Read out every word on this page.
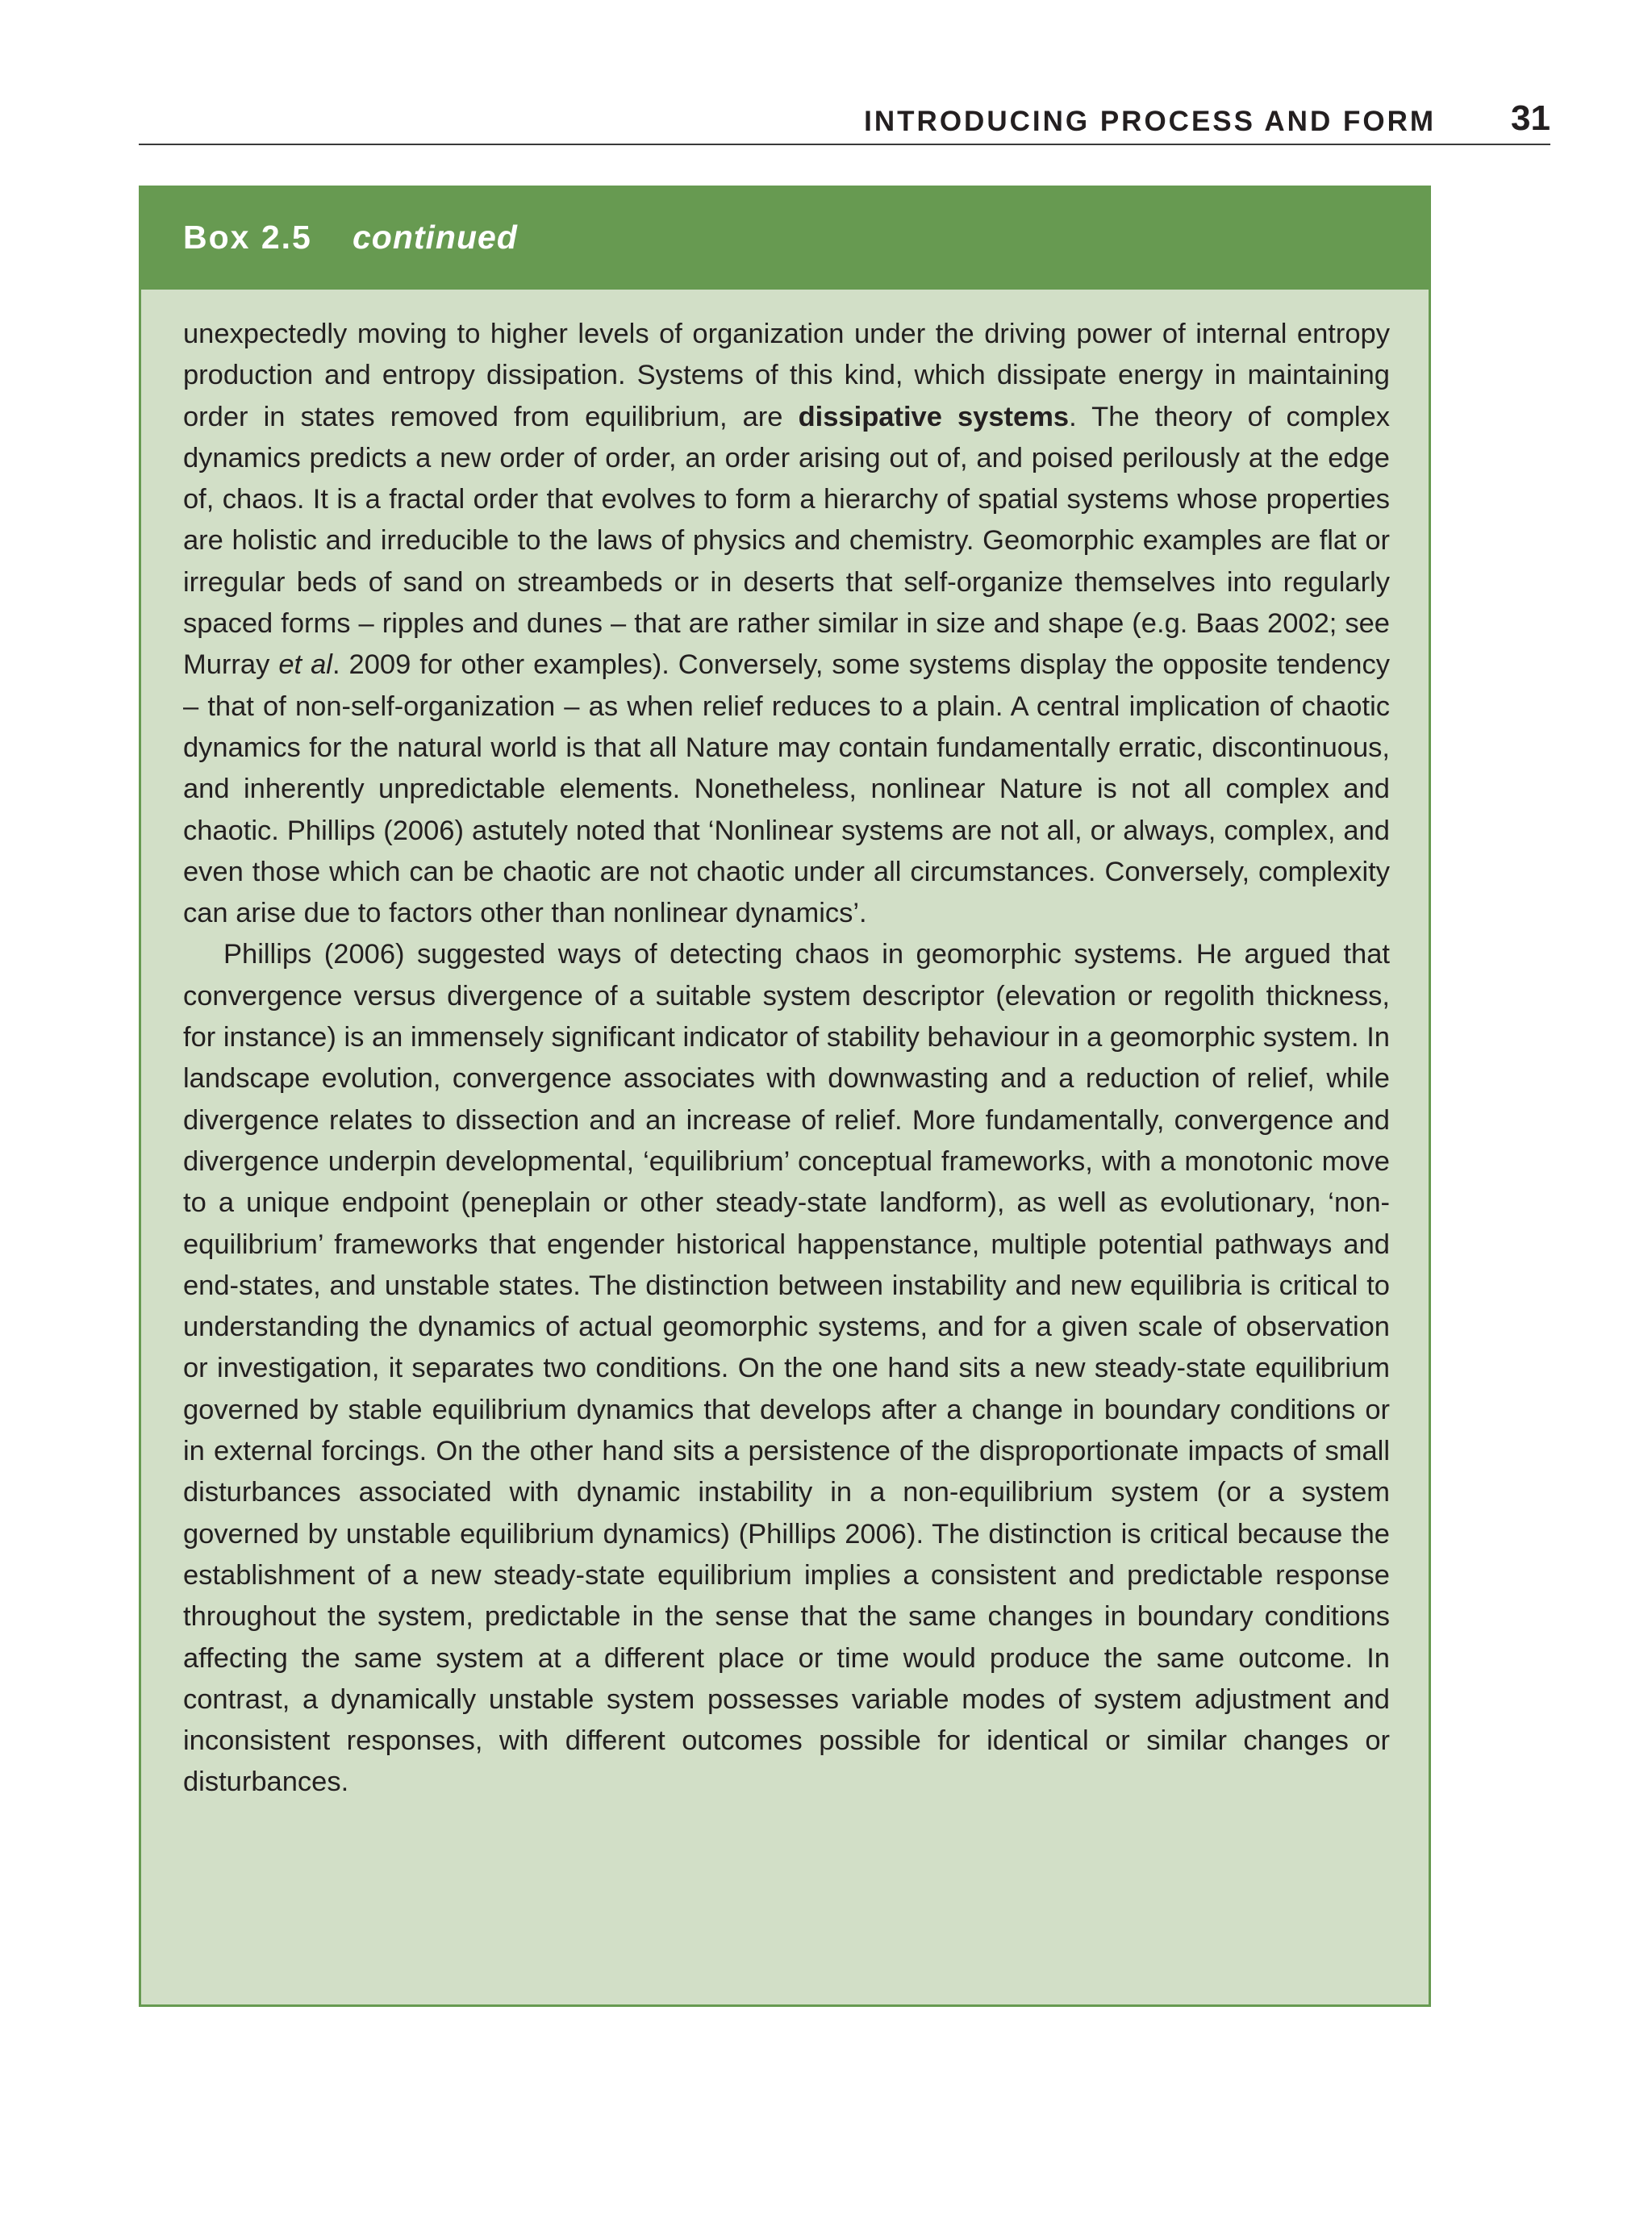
INTRODUCING PROCESS AND FORM 31
Box 2.5 continued

unexpectedly moving to higher levels of organization under the driving power of internal entropy production and entropy dissipation. Systems of this kind, which dissipate energy in maintaining order in states removed from equilibrium, are dissipative systems. The theory of complex dynamics predicts a new order of order, an order arising out of, and poised perilously at the edge of, chaos. It is a fractal order that evolves to form a hierarchy of spatial systems whose properties are holistic and irreducible to the laws of physics and chemistry. Geomorphic examples are flat or irregular beds of sand on streambeds or in deserts that self-organize themselves into regularly spaced forms – ripples and dunes – that are rather similar in size and shape (e.g. Baas 2002; see Murray et al. 2009 for other examples). Conversely, some systems display the opposite tendency – that of non-self-organization – as when relief reduces to a plain. A central implication of chaotic dynamics for the natural world is that all Nature may contain fundamentally erratic, discontinuous, and inherently unpredictable elements. Nonetheless, nonlinear Nature is not all complex and chaotic. Phillips (2006) astutely noted that ‘Nonlinear systems are not all, or always, complex, and even those which can be chaotic are not chaotic under all circumstances. Conversely, complexity can arise due to factors other than nonlinear dynamics’.

Phillips (2006) suggested ways of detecting chaos in geomorphic systems. He argued that convergence versus divergence of a suitable system descriptor (elevation or regolith thickness, for instance) is an immensely significant indicator of stability behaviour in a geomorphic system. In landscape evolution, convergence associates with downwasting and a reduction of relief, while divergence relates to dissection and an increase of relief. More fundamentally, convergence and divergence underpin developmental, ‘equilibrium’ conceptual frameworks, with a monotonic move to a unique endpoint (peneplain or other steady-state landform), as well as evolutionary, ‘non-equilibrium’ frameworks that engender historical happenstance, multiple potential pathways and end-states, and unstable states. The distinction between instability and new equilibria is critical to understanding the dynamics of actual geomorphic systems, and for a given scale of observation or investigation, it separates two conditions. On the one hand sits a new steady-state equilibrium governed by stable equilibrium dynamics that develops after a change in boundary conditions or in external forcings. On the other hand sits a persistence of the disproportionate impacts of small disturbances associated with dynamic instability in a non-equilibrium system (or a system governed by unstable equilibrium dynamics) (Phillips 2006). The distinction is critical because the establishment of a new steady-state equilibrium implies a consistent and predictable response throughout the system, predictable in the sense that the same changes in boundary conditions affecting the same system at a different place or time would produce the same outcome. In contrast, a dynamically unstable system possesses variable modes of system adjustment and inconsistent responses, with different outcomes possible for identical or similar changes or disturbances.
